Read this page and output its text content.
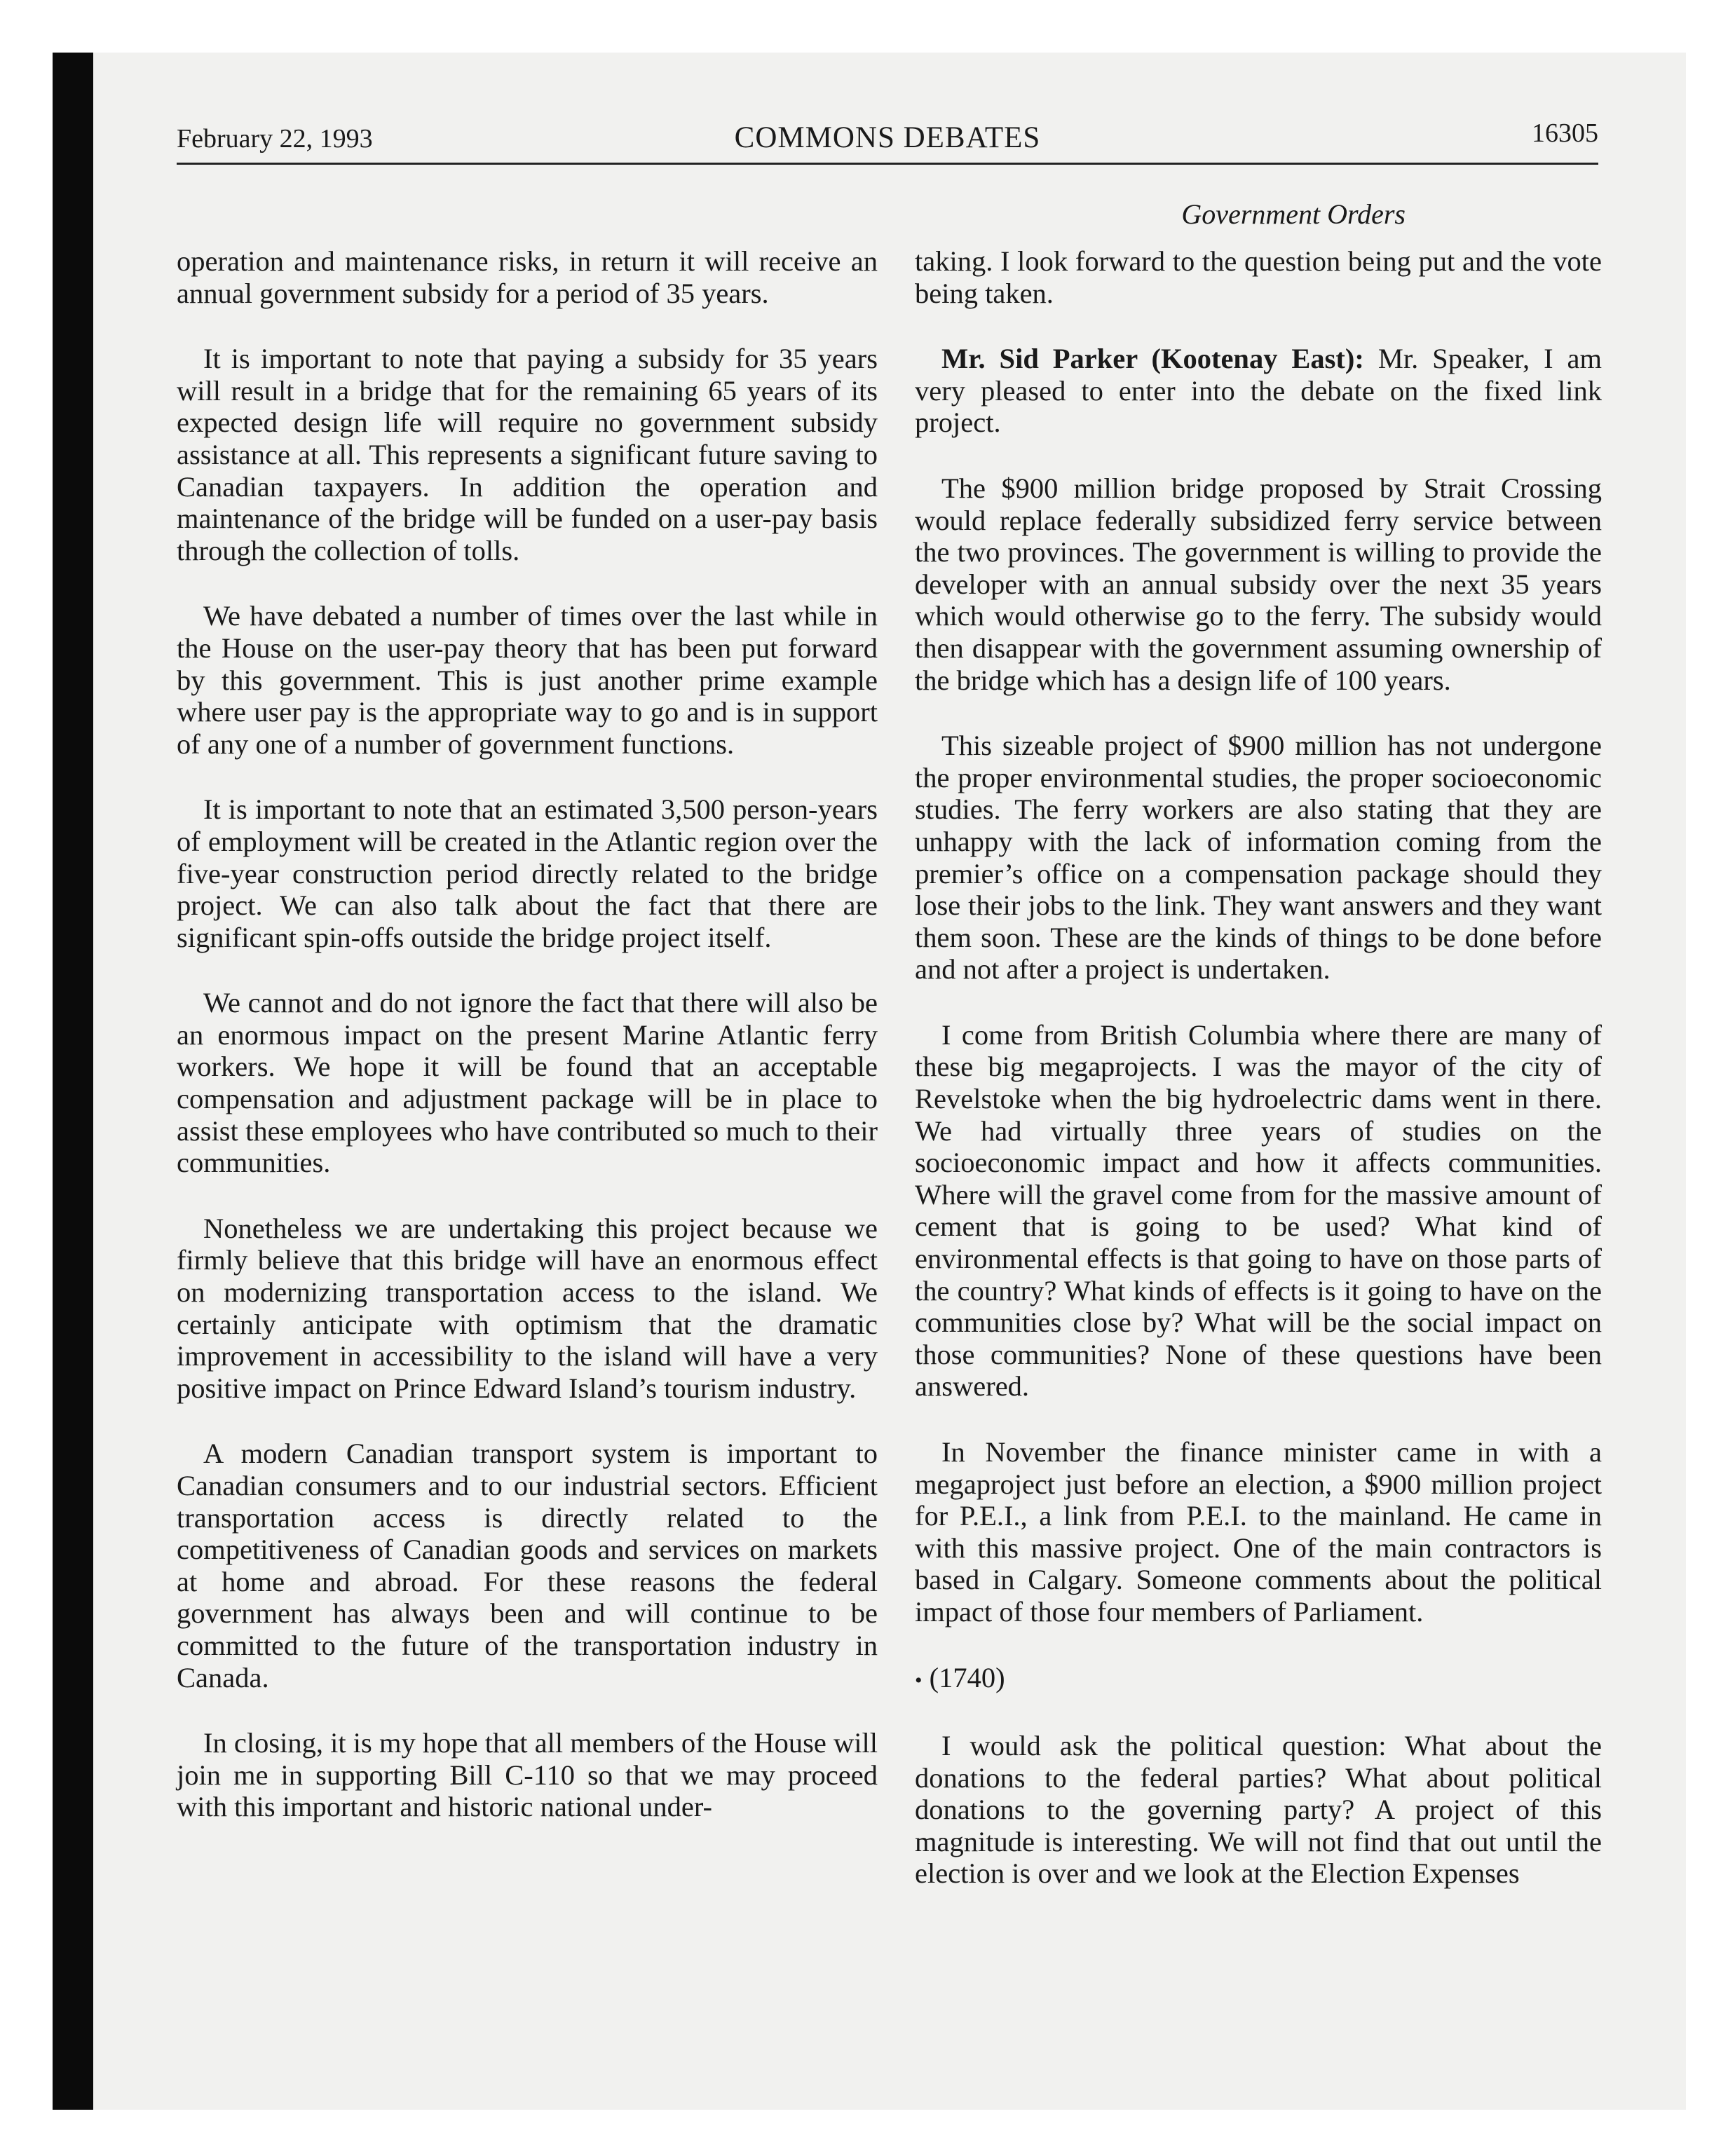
February 22, 1993	COMMONS DEBATES	16305
Government Orders

operation and maintenance risks, in return it will receive an annual government subsidy for a period of 35 years.

It is important to note that paying a subsidy for 35 years will result in a bridge that for the remaining 65 years of its expected design life will require no government subsidy assistance at all. This represents a significant future saving to Canadian taxpayers. In addition the operation and maintenance of the bridge will be funded on a user-pay basis through the collection of tolls.

We have debated a number of times over the last while in the House on the user-pay theory that has been put forward by this government. This is just another prime example where user pay is the appropriate way to go and is in support of any one of a number of government functions.

It is important to note that an estimated 3,500 person-years of employment will be created in the Atlantic region over the five-year construction period directly related to the bridge project. We can also talk about the fact that there are significant spin-offs outside the bridge project itself.

We cannot and do not ignore the fact that there will also be an enormous impact on the present Marine Atlantic ferry workers. We hope it will be found that an acceptable compensation and adjustment package will be in place to assist these employees who have contributed so much to their communities.

Nonetheless we are undertaking this project because we firmly believe that this bridge will have an enormous effect on modernizing transportation access to the island. We certainly anticipate with optimism that the dramatic improvement in accessibility to the island will have a very positive impact on Prince Edward Island’s tourism industry.

A modern Canadian transport system is important to Canadian consumers and to our industrial sectors. Efficient transportation access is directly related to the competitiveness of Canadian goods and services on markets at home and abroad. For these reasons the federal government has always been and will continue to be committed to the future of the transportation industry in Canada.

In closing, it is my hope that all members of the House will join me in supporting Bill C-110 so that we may proceed with this important and historic national under-

taking. I look forward to the question being put and the vote being taken.

Mr. Sid Parker (Kootenay East): Mr. Speaker, I am very pleased to enter into the debate on the fixed link project.

The $900 million bridge proposed by Strait Crossing would replace federally subsidized ferry service between the two provinces. The government is willing to provide the developer with an annual subsidy over the next 35 years which would otherwise go to the ferry. The subsidy would then disappear with the government assuming ownership of the bridge which has a design life of 100 years.

This sizeable project of $900 million has not undergone the proper environmental studies, the proper socioeconomic studies. The ferry workers are also stating that they are unhappy with the lack of information coming from the premier’s office on a compensation package should they lose their jobs to the link. They want answers and they want them soon. These are the kinds of things to be done before and not after a project is undertaken.

I come from British Columbia where there are many of these big megaprojects. I was the mayor of the city of Revelstoke when the big hydroelectric dams went in there. We had virtually three years of studies on the socioeconomic impact and how it affects communities. Where will the gravel come from for the massive amount of cement that is going to be used? What kind of environmental effects is that going to have on those parts of the country? What kinds of effects is it going to have on the communities close by? What will be the social impact on those communities? None of these questions have been answered.

In November the finance minister came in with a megaproject just before an election, a $900 million project for P.E.I., a link from P.E.I. to the mainland. He came in with this massive project. One of the main contractors is based in Calgary. Someone comments about the political impact of those four members of Parliament.

• (1740)

I would ask the political question: What about the donations to the federal parties? What about political donations to the governing party? A project of this magnitude is interesting. We will not find that out until the election is over and we look at the Election Expenses
